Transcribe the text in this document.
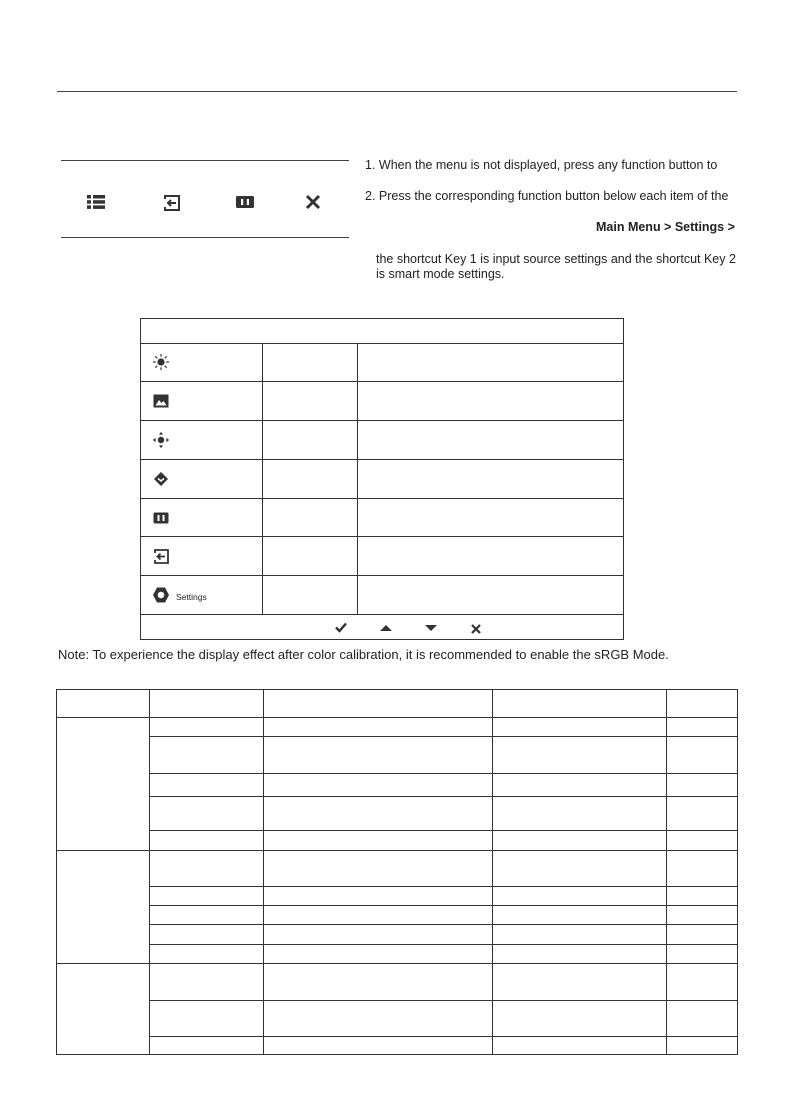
1. When the menu is not displayed, press any function button to
2. Press the corresponding function button below each item of the
Main Menu > Settings >
the shortcut Key 1 is input source settings and the shortcut Key 2
is smart mode settings.
Settings
Note: To experience the display effect after color calibration, it is recommended to enable the sRGB Mode.
